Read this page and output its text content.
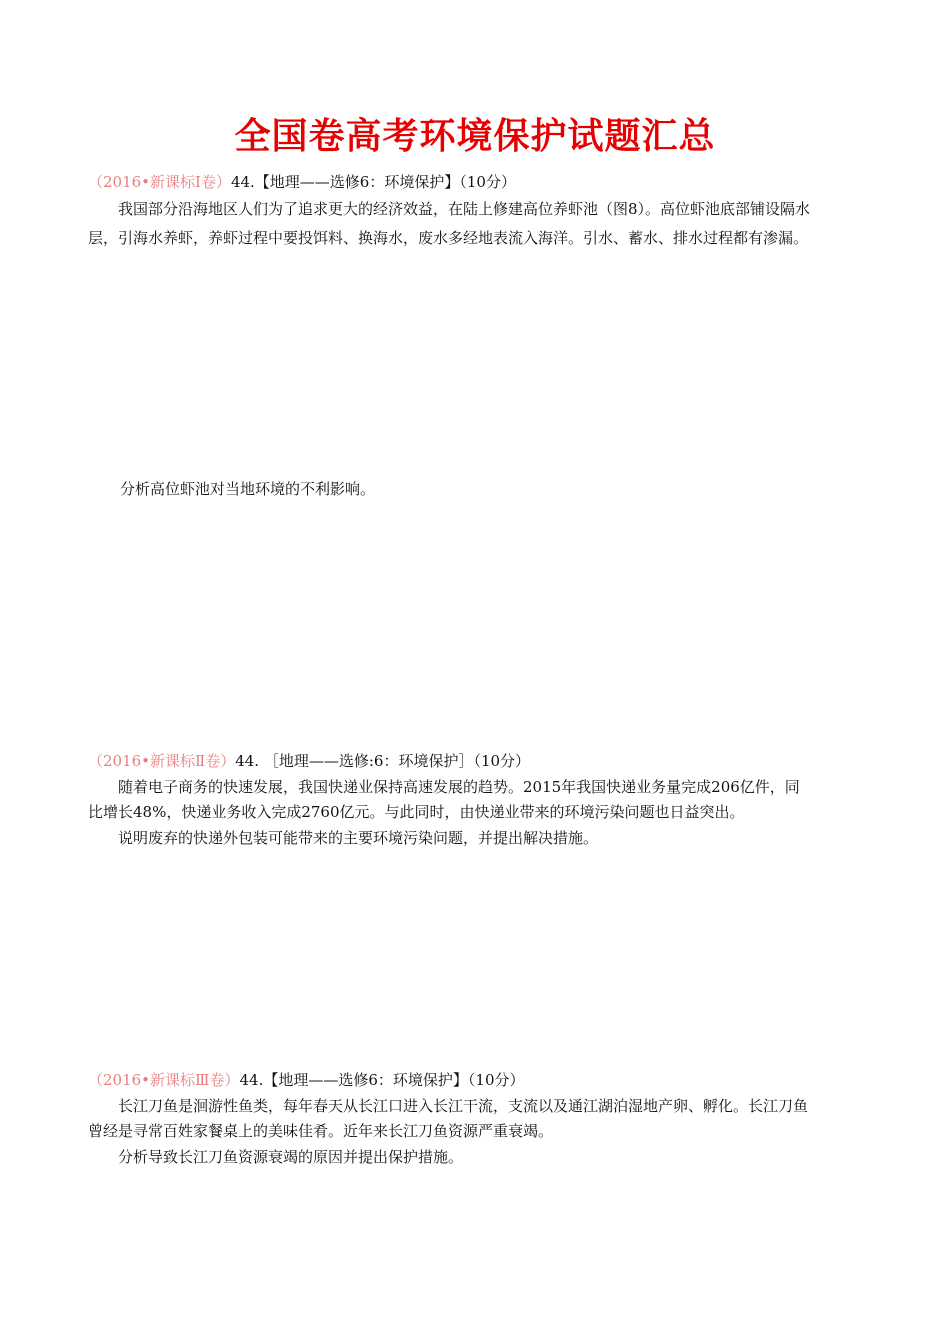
全国卷高考环境保护试题汇总
（2016•新课标Ⅰ卷）44.【地理——选修6：环境保护】（10分）
我国部分沿海地区人们为了追求更大的经济效益，在陆上修建高位养虾池（图8）。高位虾池底部铺设隔水
层，引海水养虾，养虾过程中要投饵料、换海水，废水多经地表流入海洋。引水、蓄水、排水过程都有渗漏。
分析高位虾池对当地环境的不利影响。
（2016•新课标Ⅱ卷）44. ［地理——选修:6：环境保护］（10分）
随着电子商务的快速发展，我国快递业保持高速发展的趋势。2015年我国快递业务量完成206亿件，同
比增长48%，快递业务收入完成2760亿元。与此同时，由快递业带来的环境污染问题也日益突出。
说明废弃的快递外包装可能带来的主要环境污染问题，并提出解决措施。
（2016•新课标Ⅲ卷）44.【地理——选修6：环境保护】（10分）
长江刀鱼是洄游性鱼类，每年春天从长江口进入长江干流，支流以及通江湖泊湿地产卵、孵化。长江刀鱼
曾经是寻常百姓家餐桌上的美味佳肴。近年来长江刀鱼资源严重衰竭。
分析导致长江刀鱼资源衰竭的原因并提出保护措施。
